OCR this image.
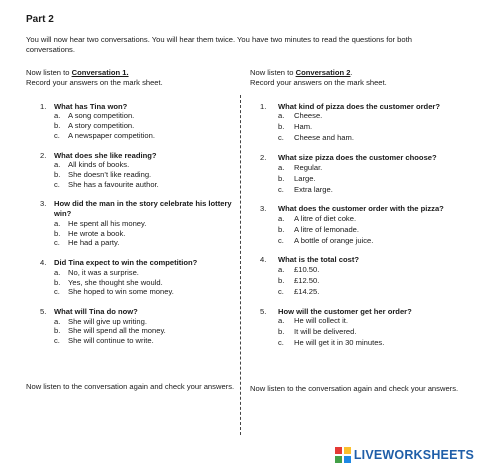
Part 2
You will now hear two conversations. You will hear them twice. You have two minutes to read the questions for both conversations.
Now listen to Conversation 1.
Record your answers on the mark sheet.
1. What has Tina won?
a. A song competition.
b. A story competition.
c. A newspaper competition.
2. What does she like reading?
a. All kinds of books.
b. She doesn’t like reading.
c. She has a favourite author.
3. How did the man in the story celebrate his lottery win?
a. He spent all his money.
b. He wrote a book.
c. He had a party.
4. Did Tina expect to win the competition?
a. No, it was a surprise.
b. Yes, she thought she would.
c. She hoped to win some money.
5. What will Tina do now?
a. She will give up writing.
b. She will spend all the money.
c. She will continue to write.
Now listen to the conversation again and check your answers.
Now listen to Conversation 2.
Record your answers on the mark sheet.
1. What kind of pizza does the customer order?
a. Cheese.
b. Ham.
c. Cheese and ham.
2. What size pizza does the customer choose?
a. Regular.
b. Large.
c. Extra large.
3. What does the customer order with the pizza?
a. A litre of diet coke.
b. A litre of lemonade.
c. A bottle of orange juice.
4. What is the total cost?
a. £10.50.
b. £12.50.
c. £14.25.
5. How will the customer get her order?
a. He will collect it.
b. It will be delivered.
c. He will get it in 30 minutes.
Now listen to the conversation again and check your answers.
LIVEWORKSHEETS
